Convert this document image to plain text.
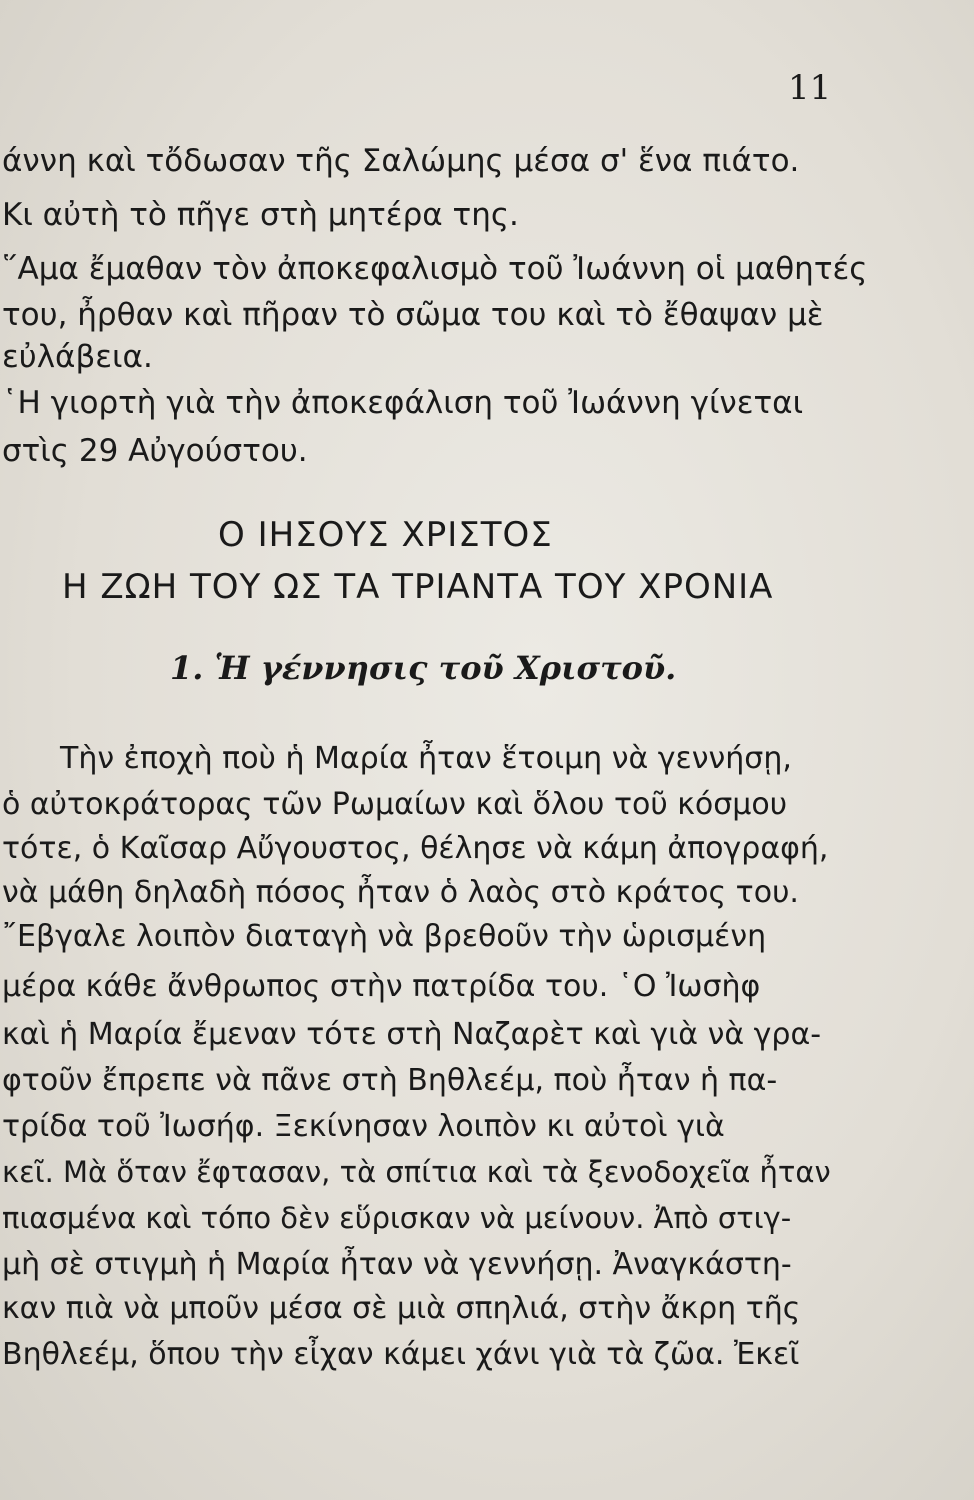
11
άννη καὶ τὄδωσαν τῆς Σαλώμης μέσα σ' ἕνα πιάτο.
Κι αὐτὴ τὸ πῆγε στὴ μητέρα της.
῞Αμα ἔμαθαν τὸν ἀποκεφαλισμὸ τοῦ Ἰωάννη οἱ μαθητές
του, ἦρθαν καὶ πῆραν τὸ σῶμα του καὶ τὸ ἔθαψαν μὲ
εὐλάβεια.
῾Η γιορτὴ γιὰ τὴν ἀποκεφάλιση τοῦ Ἰωάννη γίνεται
στὶς 29 Αὐγούστου.
Ο ΙΗΣΟΥΣ ΧΡΙΣΤΟΣ
Η ΖΩΗ ΤΟΥ ΩΣ ΤΑ ΤΡΙΑΝΤΑ ΤΟΥ ΧΡΟΝΙΑ
1. Ἡ γέννησις τοῦ Χριστοῦ.
Τὴν ἐποχὴ ποὺ ἡ Μαρία ἦταν ἕτοιμη νὰ γεννήσῃ,
ὁ αὐτοκράτορας τῶν Ρωμαίων καὶ ὅλου τοῦ κόσμου
τότε, ὁ Καῖσαρ Αὔγουστος, θέλησε νὰ κάμη ἀπογραφή,
νὰ μάθη δηλαδὴ πόσος ἦταν ὁ λαὸς στὸ κράτος του.
῎Εβγαλε λοιπὸν διαταγὴ νὰ βρεθοῦν τὴν ὡρισμένη
μέρα κάθε ἄνθρωπος στὴν πατρίδα του. ῾Ο Ἰωσὴφ
καὶ ἡ Μαρία ἔμεναν τότε στὴ Ναζαρὲτ καὶ γιὰ νὰ γρα-
φτοῦν ἔπρεπε νὰ πᾶνε στὴ Βηθλεέμ, ποὺ ἦταν ἡ πα-
τρίδα τοῦ Ἰωσήφ. Ξεκίνησαν λοιπὸν κι αὐτοὶ γιὰ
κεῖ. Μὰ ὅταν ἔφτασαν, τὰ σπίτια καὶ τὰ ξενοδοχεῖα ἦταν
πιασμένα καὶ τόπο δὲν εὕρισκαν νὰ μείνουν. Ἀπὸ στιγ-
μὴ σὲ στιγμὴ ἡ Μαρία ἦταν νὰ γεννήσῃ. Ἀναγκάστη-
καν πιὰ νὰ μποῦν μέσα σὲ μιὰ σπηλιά, στὴν ἄκρη τῆς
Βηθλεέμ, ὅπου τὴν εἶχαν κάμει χάνι γιὰ τὰ ζῶα. Ἐκεῖ
